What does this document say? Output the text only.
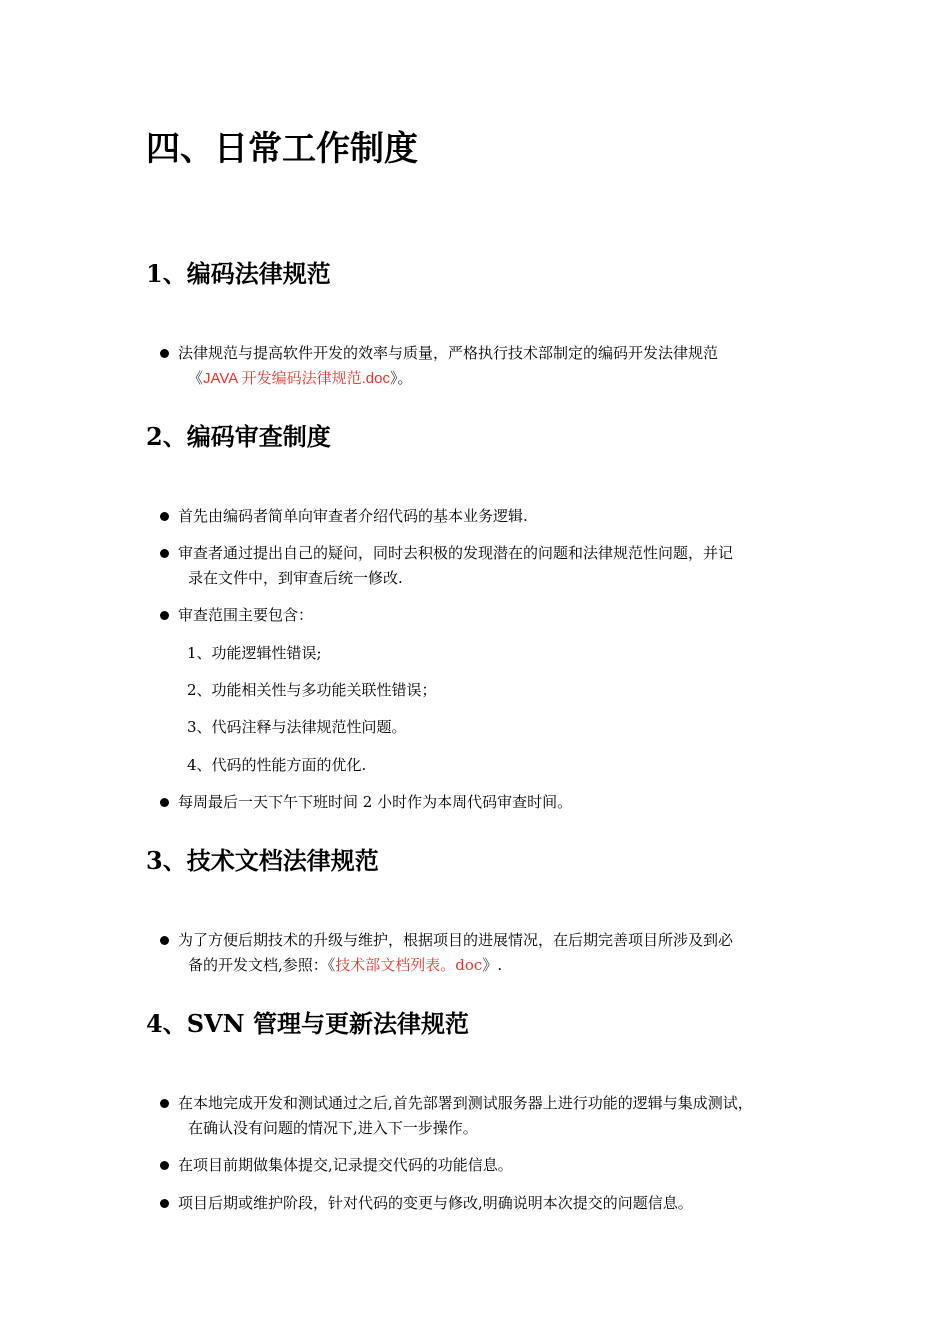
四、日常工作制度
1、编码法律规范
法律规范与提高软件开发的效率与质量，严格执行技术部制定的编码开发法律规范
《JAVA 开发编码法律规范.doc》。
2、编码审查制度
首先由编码者简单向审查者介绍代码的基本业务逻辑.
审查者通过提出自己的疑问，同时去积极的发现潜在的问题和法律规范性问题，并记
录在文件中，到审查后统一修改.
审查范围主要包含：
1、功能逻辑性错误;
2、功能相关性与多功能关联性错误；
3、代码注释与法律规范性问题。
4、代码的性能方面的优化.
每周最后一天下午下班时间 2 小时作为本周代码审查时间。
3、技术文档法律规范
为了方便后期技术的升级与维护，根据项目的进展情况，在后期完善项目所涉及到必
备的开发文档,参照：《技术部文档列表。doc》.
4、SVN 管理与更新法律规范
在本地完成开发和测试通过之后,首先部署到测试服务器上进行功能的逻辑与集成测试，
在确认没有问题的情况下,进入下一步操作。
在项目前期做集体提交,记录提交代码的功能信息。
项目后期或维护阶段，针对代码的变更与修改,明确说明本次提交的问题信息。
